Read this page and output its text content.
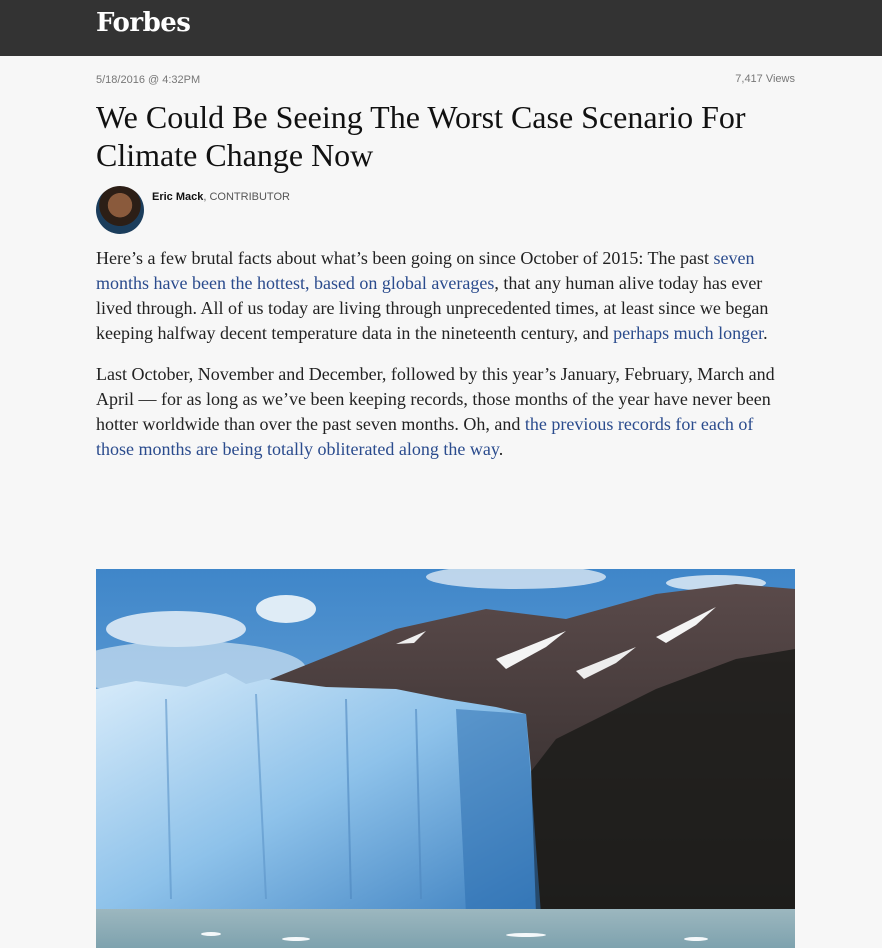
Forbes
5/18/2016 @ 4:32PM	7,417 Views
We Could Be Seeing The Worst Case Scenario For Climate Change Now
Eric Mack, CONTRIBUTOR

Here’s a few brutal facts about what’s been going on since October of 2015: The past seven months have been the hottest, based on global averages, that any human alive today has ever lived through. All of us today are living through unprecedented times, at least since we began keeping halfway decent temperature data in the nineteenth century, and perhaps much longer.

Last October, November and December, followed by this year’s January, February, March and April — for as long as we’ve been keeping records, those months of the year have never been hotter worldwide than over the past seven months. Oh, and the previous records for each of those months are being totally obliterated along the way.
